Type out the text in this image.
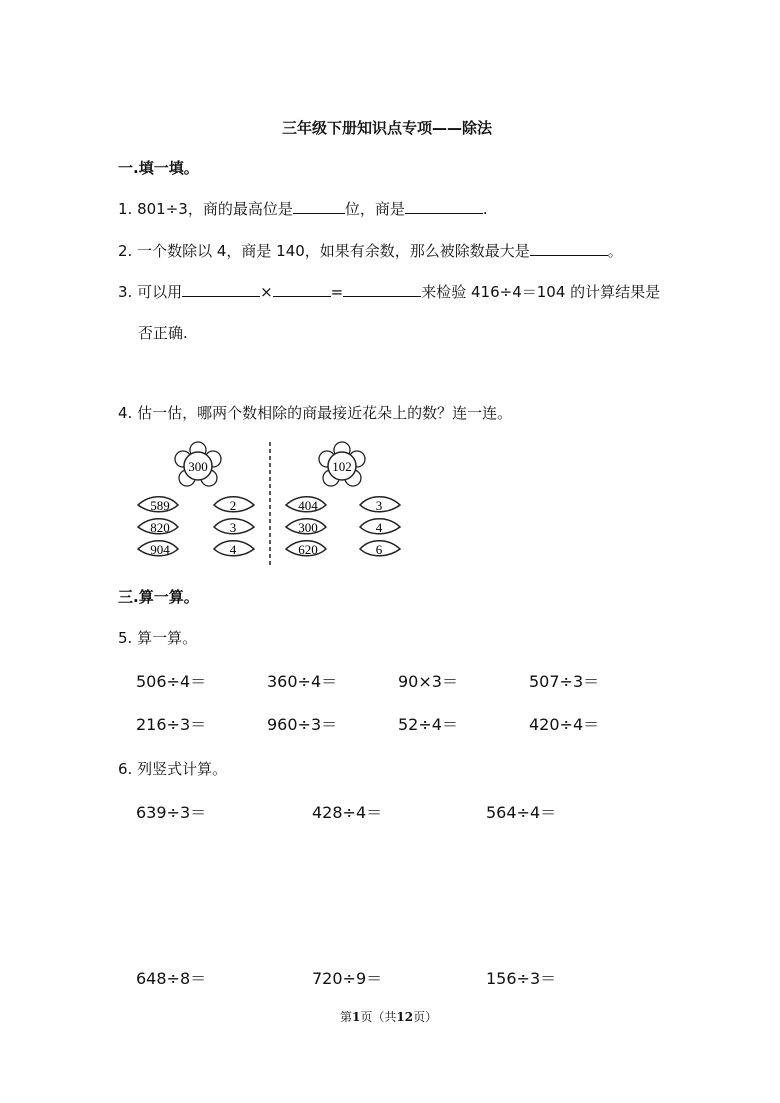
三年级下册知识点专项——除法
一.填一填。
1. 801÷3，商的最高位是	位，商是	.
2. 一个数除以 4，商是 140，如果有余数，那么被除数最大是	。
3. 可以用	×	=	来检验 416÷4＝104 的计算结果是
否正确.
4. 估一估，哪两个数相除的商最接近花朵上的数？连一连。
300
589
820
904
2
3
4
102
404
300
620
3
4
6
三.算一算。
5. 算一算。
506÷4＝	360÷4＝	90×3＝	507÷3＝
216÷3＝	960÷3＝	52÷4＝	420÷4＝
6. 列竖式计算。
639÷3＝	428÷4＝	564÷4＝
648÷8＝	720÷9＝	156÷3＝
第1页（共12页）
